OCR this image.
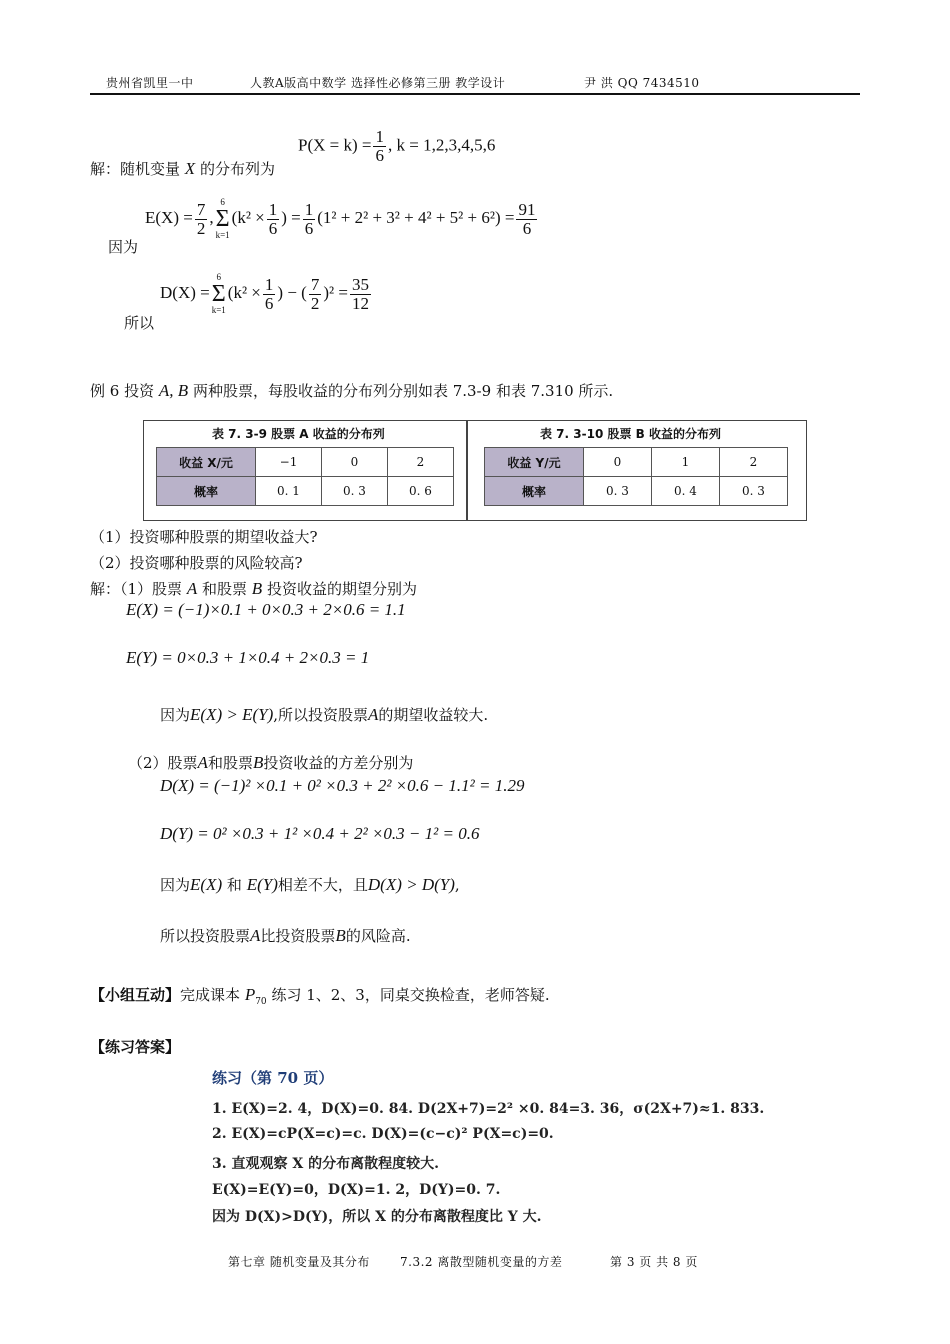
贵州省凯里一中	人教A版高中数学 选择性必修第三册 教学设计	尹 洪 QQ 7434510
$P(X = k) = \frac{1}{6}$ , k = 1,2,3,4,5,6
解：随机变量 X 的分布列为
$E(X) = \frac{7}{2}$ ,
6
Σ
k=1
($k^2 \times \frac{1}{6}$ ) = $\frac{1}{6} (1^2 + 2^2 + 3^2 + 4^2 + 5^2 + 6^2) = \frac{91}{6}$
因为
D(X) =
6
Σ
k=1
($k^2 \times \frac{1}{6}$ ) − ( $\frac{7}{2} )^2 = \frac{35}{12}$
所以
例 6 投资 A, B 两种股票，每股收益的分布列分别如表 7.3-9 和表 7.310 所示.
表 7. 3-9 股票 A 收益的分布列
收益 X/元	−1	0	2
概率	0. 1	0. 3	0. 6
表 7. 3-10 股票 B 收益的分布列
收益 Y/元	0	1	2
概率	0. 3	0. 4	0. 3
（1）投资哪种股票的期望收益大?
（2）投资哪种股票的风险较高?
解：（1）股票 A 和股票 B 投资收益的期望分别为
E(X) = (−1)×0.1 + 0×0.3 + 2×0.6 = 1.1
E(Y) = 0×0.3 + 1×0.4 + 2×0.3 = 1
因为E(X) > E(Y),所以投资股票A的期望收益较大.
（2）股票A和股票B投资收益的方差分别为
D(X) = (−1)² ×0.1 + 0² ×0.3 + 2² ×0.6 − 1.1² = 1.29
D(Y) = 0² ×0.3 + 1² ×0.4 + 2² ×0.3 − 1² = 0.6
因为E(X) 和 E(Y)相差不大，且D(X) > D(Y),
所以投资股票A比投资股票B的风险高.
【小组互动】完成课本 $P_{70}$ 练习 1、2、3，同桌交换检查，老师答疑.
【练习答案】
练习（第 70 页）
1. E(X)=2. 4，D(X)=0. 84. D(2X+7)=2² ×0. 84=3. 36，σ(2X+7)≈1. 833.
2. E(X)=cP(X=c)=c. D(X)=(c−c)² P(X=c)=0.
3. 直观观察 X 的分布离散程度较大.
E(X)=E(Y)=0，D(X)=1. 2，D(Y)=0. 7.
因为 D(X)>D(Y)，所以 X 的分布离散程度比 Y 大.
第七章 随机变量及其分布	7.3.2 离散型随机变量的方差	第 3 页 共 8 页
